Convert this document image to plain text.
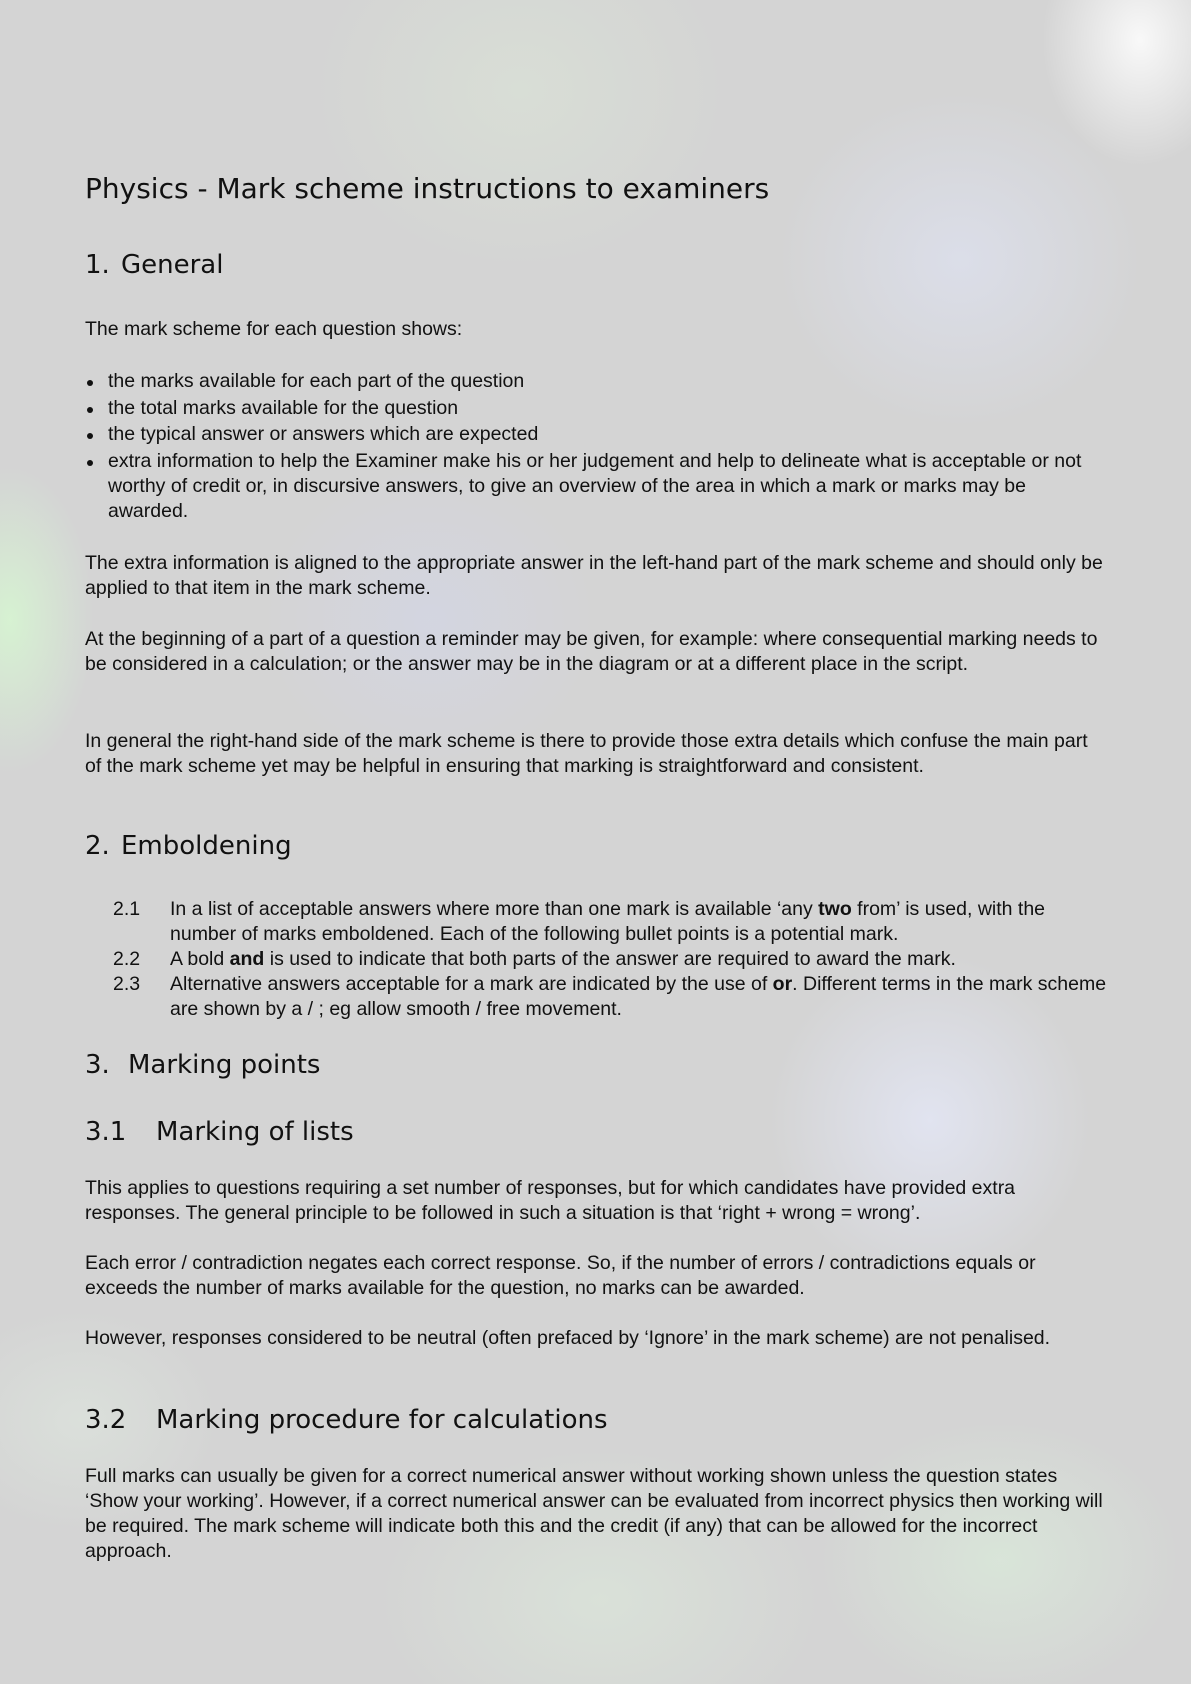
Physics - Mark scheme instructions to examiners
1. General

The mark scheme for each question shows:

the marks available for each part of the question
the total marks available for the question
the typical answer or answers which are expected
extra information to help the Examiner make his or her judgement and help to delineate what is acceptable or not worthy of credit or, in discursive answers, to give an overview of the area in which a mark or marks may be awarded.

The extra information is aligned to the appropriate answer in the left-hand part of the mark scheme and should only be applied to that item in the mark scheme.

At the beginning of a part of a question a reminder may be given, for example: where consequential marking needs to be considered in a calculation; or the answer may be in the diagram or at a different place in the script.

In general the right-hand side of the mark scheme is there to provide those extra details which confuse the main part of the mark scheme yet may be helpful in ensuring that marking is straightforward and consistent.

2. Emboldening
2.1 In a list of acceptable answers where more than one mark is available ‘any two from’ is used, with the number of marks emboldened. Each of the following bullet points is a potential mark.
2.2 A bold and is used to indicate that both parts of the answer are required to award the mark.
2.3 Alternative answers acceptable for a mark are indicated by the use of or. Different terms in the mark scheme are shown by a / ; eg allow smooth / free movement.
3. Marking points
3.1 Marking of lists

This applies to questions requiring a set number of responses, but for which candidates have provided extra responses. The general principle to be followed in such a situation is that ‘right + wrong = wrong’.

Each error / contradiction negates each correct response. So, if the number of errors / contradictions equals or exceeds the number of marks available for the question, no marks can be awarded.

However, responses considered to be neutral (often prefaced by ‘Ignore’ in the mark scheme) are not penalised.

3.2 Marking procedure for calculations

Full marks can usually be given for a correct numerical answer without working shown unless the question states ‘Show your working’. However, if a correct numerical answer can be evaluated from incorrect physics then working will be required. The mark scheme will indicate both this and the credit (if any) that can be allowed for the incorrect approach.
